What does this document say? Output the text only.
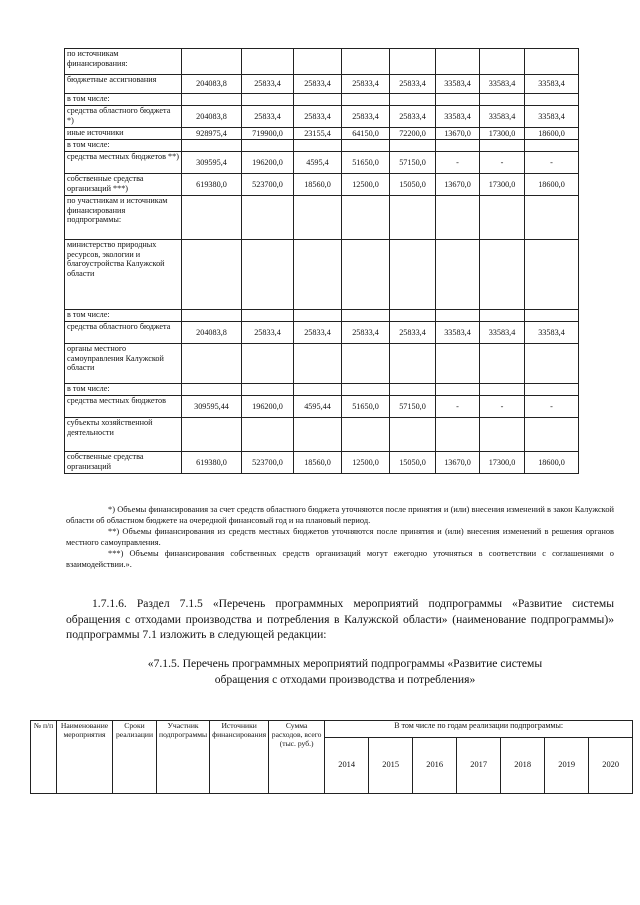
по источникам финансирования:								
бюджетные ассигнования	204083,8	25833,4	25833,4	25833,4	25833,4	33583,4	33583,4	33583,4
в том числе:								
средства областного бюджета *)	204083,8	25833,4	25833,4	25833,4	25833,4	33583,4	33583,4	33583,4
иные источники	928975,4	719900,0	23155,4	64150,0	72200,0	13670,0	17300,0	18600,0
в том числе:								
средства местных бюджетов **)	309595,4	196200,0	4595,4	51650,0	57150,0	-	-	-
собственные средства организаций ***)	619380,0	523700,0	18560,0	12500,0	15050,0	13670,0	17300,0	18600,0
по участникам и источникам финансирования подпрограммы:								
министерство природных ресурсов, экологии и благоустройства Калужской области								
в том числе:								
средства областного бюджета	204083,8	25833,4	25833,4	25833,4	25833,4	33583,4	33583,4	33583,4
органы местного самоуправления Калужской области								
в том числе:								
средства местных бюджетов	309595,44	196200,0	4595,44	51650,0	57150,0	-	-	-
субъекты хозяйственной деятельности								
собственные средства организаций	619380,0	523700,0	18560,0	12500,0	15050,0	13670,0	17300,0	18600,0

*) Объемы финансирования за счет средств областного бюджета уточняются после принятия и (или) внесения изменений в закон Калужской области об областном бюджете на очередной финансовый год и на плановый период.

**) Объемы финансирования из средств местных бюджетов уточняются после принятия и (или) внесения изменений в решения органов местного самоуправления.

***) Объемы финансирования собственных средств организаций могут ежегодно уточняться в соответствии с соглашениями о взаимодействии.».

1.7.1.6. Раздел 7.1.5 «Перечень программных мероприятий подпрограммы «Развитие системы обращения с отходами производства и потребления в Калужской области» (наименование подпрограммы)» подпрограммы 7.1 изложить в следующей редакции:

«7.1.5. Перечень программных мероприятий подпрограммы «Развитие системы
обращения с отходами производства и потребления»
№ п/п	Наименование мероприятия	Сроки реализации	Участник подпрограммы	Источники финансирования	Сумма расходов, всего (тыс. руб.)	В том числе по годам реализации подпрограммы:						
						2014	2015	2016	2017	2018	2019	2020
